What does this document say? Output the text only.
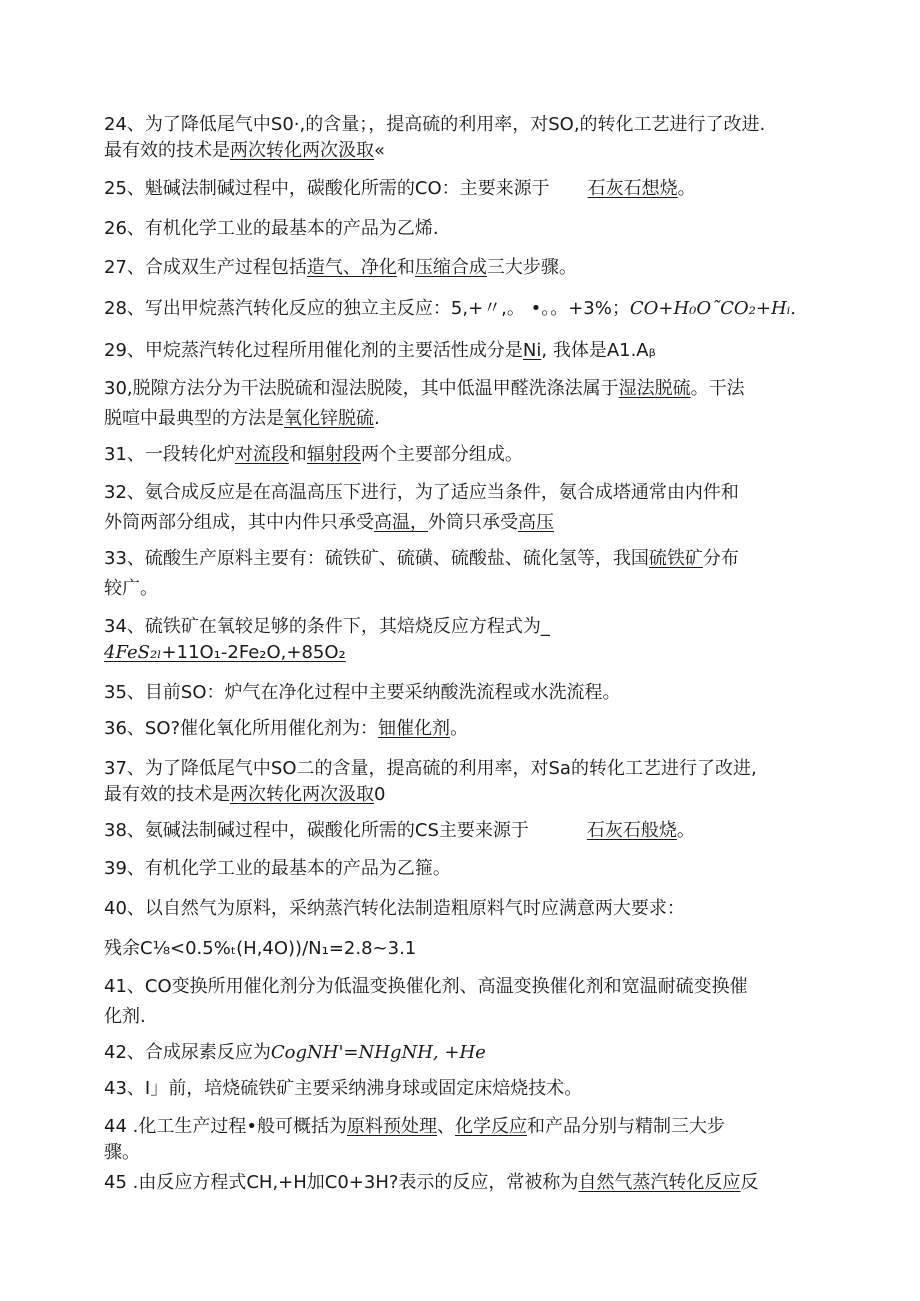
24、为了降低尾气中S0·,的含量；，提高硫的利用率，对SO,的转化工艺进行了改进.
最有效的技术是两次转化两次汲取«
25、魁碱法制碱过程中，碳酸化所需的CO：主要来源于 石灰石想烧。
26、有机化学工业的最基本的产品为乙烯.
27、合成双生产过程包括造气、净化和压缩合成三大步骤。
28、写出甲烷蒸汽转化反应的独立主反应：5,+〃,。 •。。+3%；CO+H₀O˜CO₂+Hᵢ.
29、甲烷蒸汽转化过程所用催化剂的主要活性成分是Ni, 我体是A1.Aᵦ
30,脱隙方法分为干法脱硫和湿法脱陵，其中低温甲醛洗涤法属于湿法脱硫。干法
脱喧中最典型的方法是氧化锌脱硫.
31、一段转化炉对流段和辐射段两个主要部分组成。
32、氨合成反应是在高温高压下进行，为了适应当条件，氨合成塔通常由内件和
外筒两部分组成，其中内件只承受高温，外筒只承受高压
33、硫酸生产原料主要有：硫铁矿、硫磺、硫酸盐、硫化氢等，我国硫铁矿分布
较广。
34、硫铁矿在氧较足够的条件下，其焙烧反应方程式为_
4FeS₂ₗ+11O₁-2Fe₂O,+85O₂
35、目前SO：炉气在净化过程中主要采纳酸洗流程或水洗流程。
36、SO?催化氧化所用催化剂为：钿催化剂。
37、为了降低尾气中SO二的含量，提高硫的利用率，对Sa的转化工艺进行了改进,
最有效的技术是两次转化两次汲取0
38、氨碱法制碱过程中，碳酸化所需的CS主要来源于	石灰石般烧。
39、有机化学工业的最基本的产品为乙箍。
40、以自然气为原料，采纳蒸汽转化法制造粗原料气时应满意两大要求：
残余C⅛<0.5%ₜ(H,4O))/N₁=2.8~3.1
41、CO变换所用催化剂分为低温变换催化剂、高温变换催化剂和宽温耐硫变换催
化剂.
42、合成尿素反应为CogNH'=NHgNH, +He
43、I」前，培烧硫铁矿主要采纳沸身球或固定床焙烧技术。
44 .化工生产过程•般可概括为原料预处理、化学反应和产品分别与精制三大步
骤。
45 .由反应方程式CH,+H加C0+3H?表示的反应，常被称为自然气蒸汽转化反应反
